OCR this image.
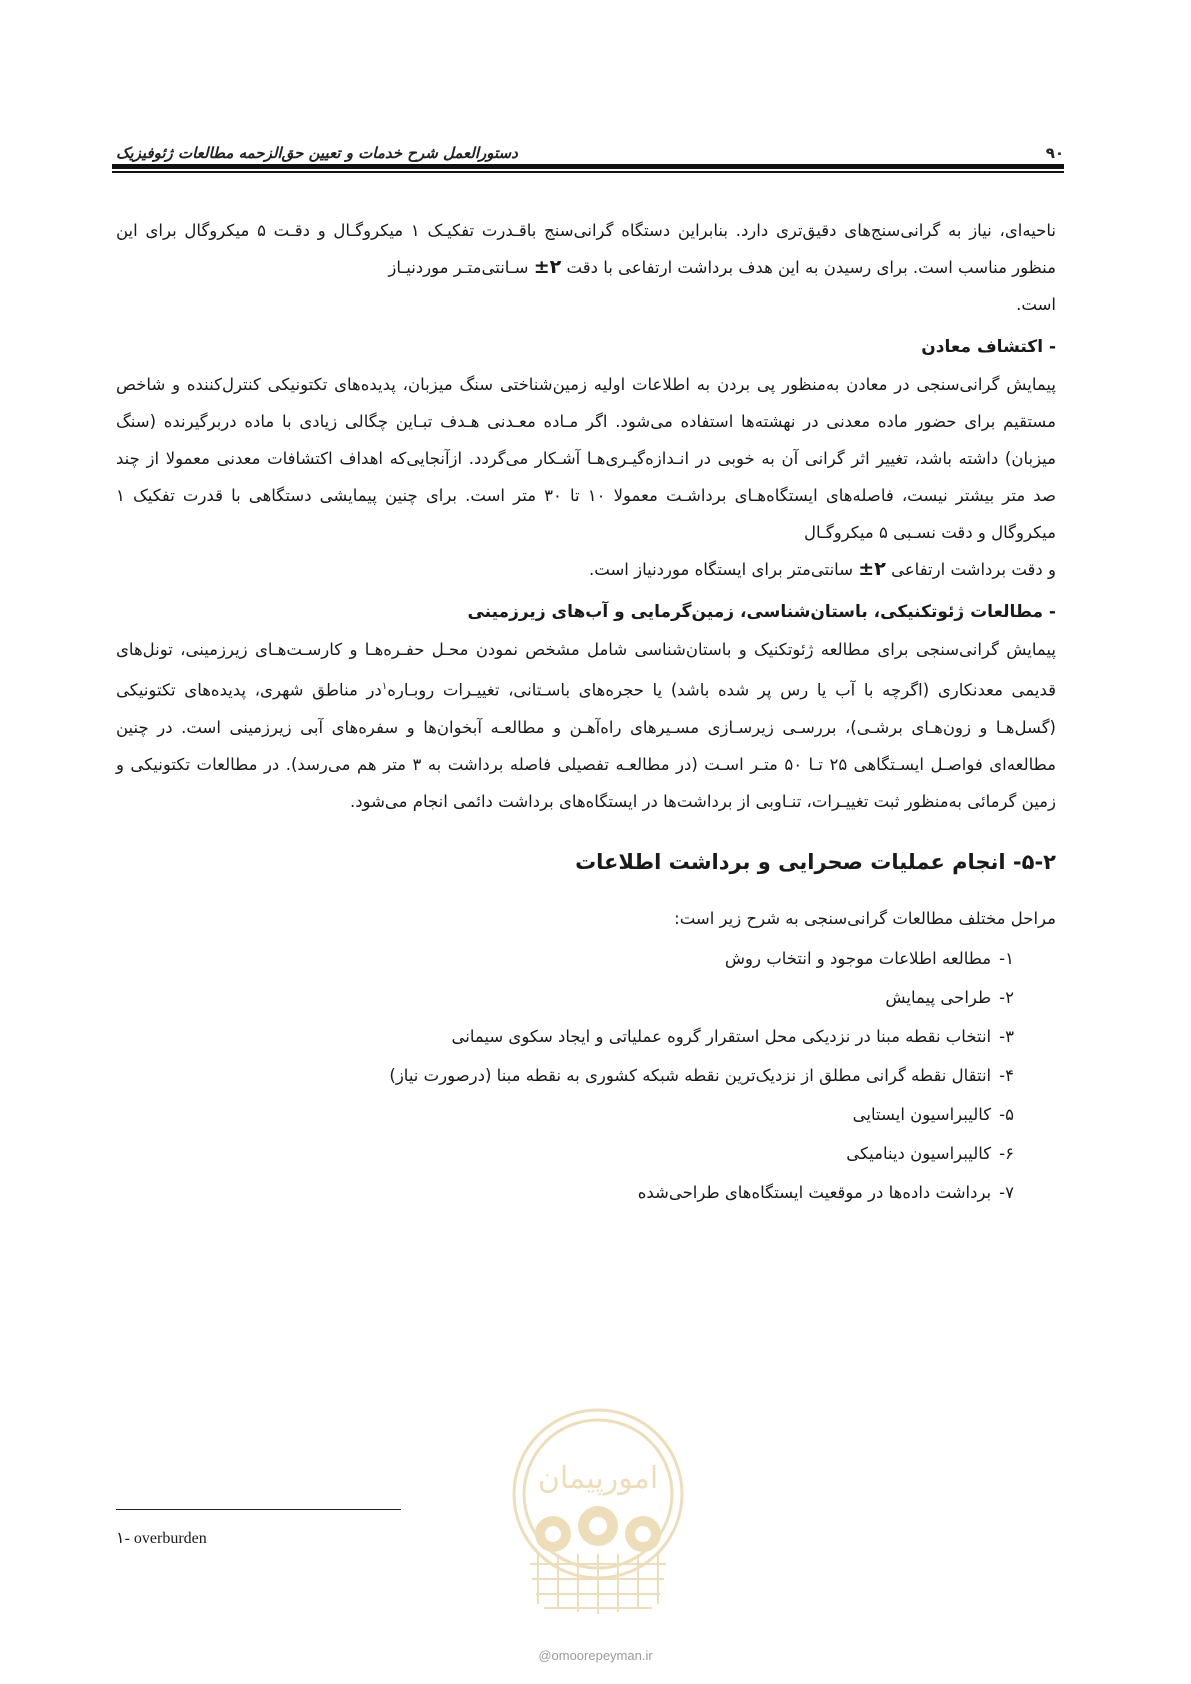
۹۰
دستورالعمل شرح خدمات و تعیین حق‌الزحمه مطالعات ژئوفیزیک

ناحیه‌ای، نیاز به گرانی‌سنج‌های دقیق‌تری دارد. بنابراین دستگاه گرانی‌سنج باقـدرت تفکیـک ۱ میکروگـال و دقـت ۵ میکروگال برای این منظور مناسب است. برای رسیدن به این هدف برداشت ارتفاعی با دقت ۲± سـانتی‌متـر موردنیـاز
است.

- اکتشاف معادن

پیمایش گرانی‌سنجی در معادن به‌منظور پی بردن به اطلاعات اولیه زمین‌شناختی سنگ میزبان، پدیده‌های تکتونیکی کنترل‌کننده و شاخص مستقیم برای حضور ماده معدنی در نهشته‌ها استفاده می‌شود. اگر مـاده معـدنی هـدف تبـاین چگالی زیادی با ماده دربرگیرنده (سنگ میزبان) داشته باشد، تغییر اثر گرانی آن به خوبی در انـدازه‌گیـری‌هـا آشـکار می‌گردد. ازآنجایی‌که اهداف اکتشافات معدنی معمولا از چند صد متر بیشتر نیست، فاصله‌های ایستگاه‌هـای برداشـت معمولا ۱۰ تا ۳۰ متر است. برای چنین پیمایشی دستگاهی با قدرت تفکیک ۱ میکروگال و دقت نسـبی ۵ میکروگـال
و دقت برداشت ارتفاعی ۲± سانتی‌متر برای ایستگاه موردنیاز است.

- مطالعات ژئوتکنیکی، باستان‌شناسی، زمین‌گرمایی و آب‌های زیرزمینی

پیمایش گرانی‌سنجی برای مطالعه ژئوتکنیک و باستان‌شناسی شامل مشخص نمودن محـل حفـره‌هـا و کارسـت‌هـای زیرزمینی، تونل‌های قدیمی معدنکاری (اگرچه با آب یا رس پر شده باشد) یا حجره‌های باسـتانی، تغییـرات روبـاره$^۱$در مناطق شهری، پدیده‌های تکتونیکی (گسل‌هـا و زون‌هـای برشـی)، بررسـی زیرسـازی مسـیرهای راه‌آهـن و مطالعـه آبخوان‌ها و سفره‌های آبی زیرزمینی است. در چنین مطالعه‌ای فواصـل ایسـتگاهی ۲۵ تـا ۵۰ متـر اسـت (در مطالعـه تفصیلی فاصله برداشت به ۳ متر هم می‌رسد). در مطالعات تکتونیکی و زمین گرمائی به‌منظور ثبت تغییـرات، تنـاوبی از برداشت‌ها در ایستگاه‌های برداشت دائمی انجام می‌شود.

۵-۲- انجام عملیات صحرایی و برداشت اطلاعات

مراحل مختلف مطالعات گرانی‌سنجی به شرح زیر است:

۱-مطالعه اطلاعات موجود و انتخاب روش
۲-طراحی پیمایش
۳-انتخاب نقطه مبنا در نزدیکی محل استقرار گروه عملیاتی و ایجاد سکوی سیمانی
۴-انتقال نقطه گرانی مطلق از نزدیک‌ترین نقطه شبکه کشوری به نقطه مبنا (درصورت نیاز)
۵-کالیبراسیون ایستایی
۶-کالیبراسیون دینامیکی
۷-برداشت داده‌ها در موقعیت ایستگاه‌های طراحی‌شده
۱- overburden
امورپیمان
@omoorepeyman.ir
